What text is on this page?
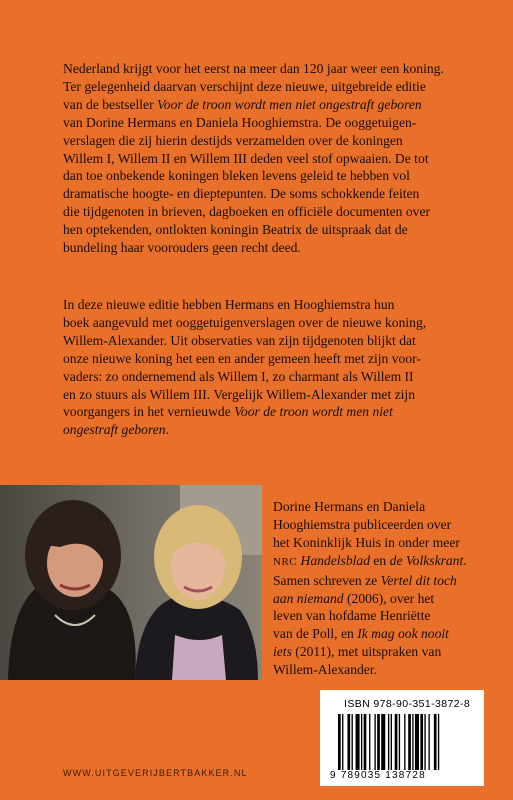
Nederland krijgt voor het eerst na meer dan 120 jaar weer een koning.
Ter gelegenheid daarvan verschijnt deze nieuwe, uitgebreide editie
van de bestseller Voor de troon wordt men niet ongestraft geboren
van Dorine Hermans en Daniela Hooghiemstra. De ooggetuigen-
verslagen die zij hierin destijds verzamelden over de koningen
Willem I, Willem II en Willem III deden veel stof opwaaien. De tot
dan toe onbekende koningen bleken levens geleid te hebben vol
dramatische hoogte- en dieptepunten. De soms schokkende feiten
die tijdgenoten in brieven, dagboeken en officiële documenten over
hen optekenden, ontlokten koningin Beatrix de uitspraak dat de
bundeling haar voorouders geen recht deed.
In deze nieuwe editie hebben Hermans en Hooghiemstra hun
boek aangevuld met ooggetuigenverslagen over de nieuwe koning,
Willem-Alexander. Uit observaties van zijn tijdgenoten blijkt dat
onze nieuwe koning het een en ander gemeen heeft met zijn voor-
vaders: zo ondernemend als Willem I, zo charmant als Willem II
en zo stuurs als Willem III. Vergelijk Willem-Alexander met zijn
voorgangers in het vernieuwde Voor de troon wordt men niet
ongestraft geboren.
Dorine Hermans en Daniela
Hooghiemstra publiceerden over
het Koninklijk Huis in onder meer
NRC Handelsblad en de Volkskrant.
Samen schreven ze Vertel dit toch
aan niemand (2006), over het
leven van hofdame Henriëtte
van de Poll, en Ik mag ook nooit
iets (2011), met uitspraken van
Willem-Alexander.
ISBN 978-90-351-3872-8
9 789035 138728
WWW.UITGEVERIJBERTBAKKER.NL
